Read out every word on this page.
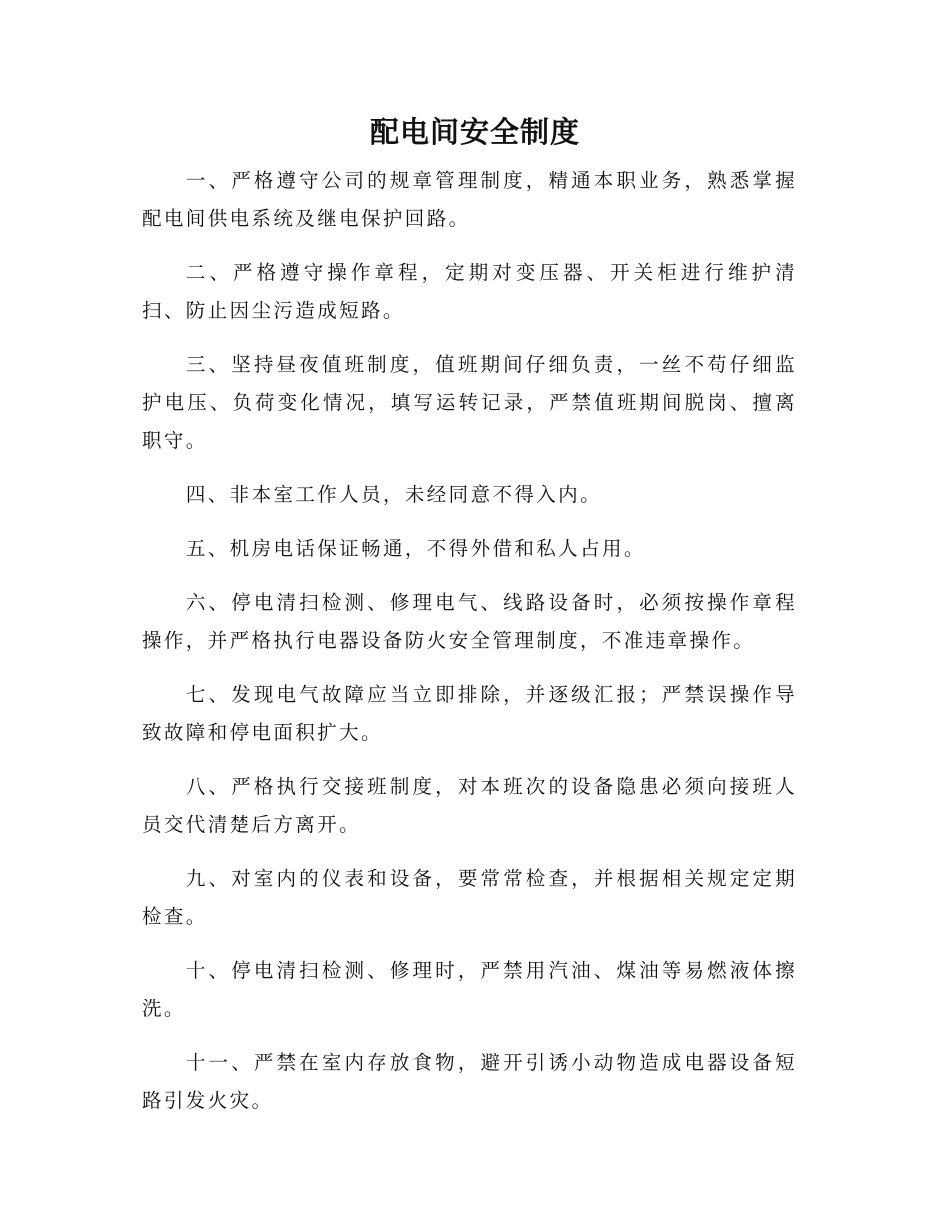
配电间安全制度

一、严格遵守公司的规章管理制度，精通本职业务，熟悉掌握配电间供电系统及继电保护回路。

二、严格遵守操作章程，定期对变压器、开关柜进行维护清扫、防止因尘污造成短路。

三、坚持昼夜值班制度，值班期间仔细负责，一丝不苟仔细监护电压、负荷变化情况，填写运转记录，严禁值班期间脱岗、擅离职守。

四、非本室工作人员，未经同意不得入内。

五、机房电话保证畅通，不得外借和私人占用。

六、停电清扫检测、修理电气、线路设备时，必须按操作章程操作，并严格执行电器设备防火安全管理制度，不准违章操作。

七、发现电气故障应当立即排除，并逐级汇报；严禁误操作导致故障和停电面积扩大。

八、严格执行交接班制度，对本班次的设备隐患必须向接班人员交代清楚后方离开。

九、对室内的仪表和设备，要常常检查，并根据相关规定定期检查。

十、停电清扫检测、修理时，严禁用汽油、煤油等易燃液体擦洗。

十一、严禁在室内存放食物，避开引诱小动物造成电器设备短路引发火灾。
